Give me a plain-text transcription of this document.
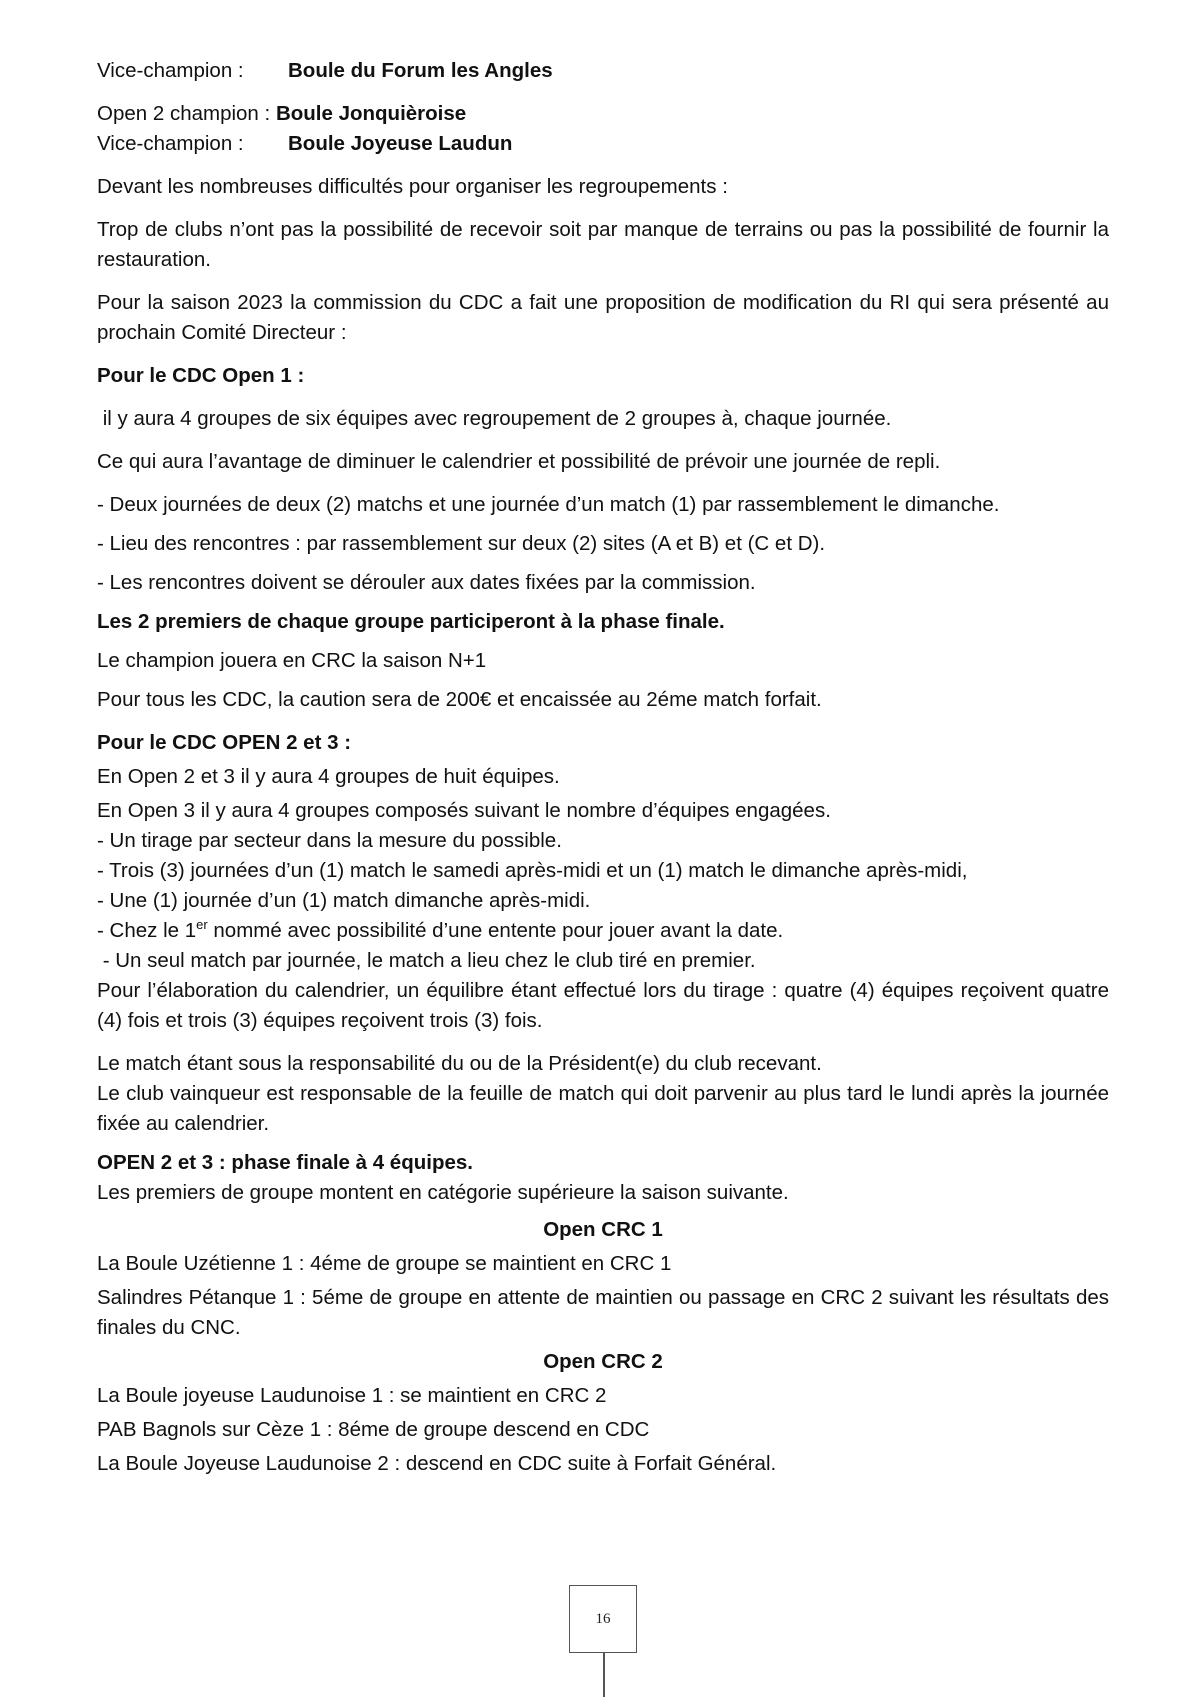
Vice-champion : Boule du Forum les Angles

Open 2 champion : Boule Jonquièroise

Vice-champion : Boule Joyeuse Laudun

Devant les nombreuses difficultés pour organiser les regroupements :

Trop de clubs n’ont pas la possibilité de recevoir soit par manque de terrains ou pas la possibilité de fournir la restauration.

Pour la saison 2023 la commission du CDC a fait une proposition de modification du RI qui sera présenté au prochain Comité Directeur :

Pour le CDC Open 1 :

il y aura 4 groupes de six équipes avec regroupement de 2 groupes à, chaque journée.

Ce qui aura l’avantage de diminuer le calendrier et possibilité de prévoir une journée de repli.

- Deux journées de deux (2) matchs et une journée d’un match (1) par rassemblement le dimanche.

- Lieu des rencontres : par rassemblement sur deux (2) sites (A et B) et (C et D).

- Les rencontres doivent se dérouler aux dates fixées par la commission.

Les 2 premiers de chaque groupe participeront à la phase finale.

Le champion jouera en CRC la saison N+1

Pour tous les CDC, la caution sera de 200€ et encaissée au 2éme match forfait.

Pour le CDC OPEN 2 et 3 :

En Open 2 et 3 il y aura 4 groupes de huit équipes.

En Open 3 il y aura 4 groupes composés suivant le nombre d’équipes engagées.

- Un tirage par secteur dans la mesure du possible.

- Trois (3) journées d’un (1) match le samedi après-midi et un (1) match le dimanche après-midi,

- Une (1) journée d’un (1) match dimanche après-midi.

- Chez le 1er nommé avec possibilité d’une entente pour jouer avant la date.

- Un seul match par journée, le match a lieu chez le club tiré en premier.

Pour l’élaboration du calendrier, un équilibre étant effectué lors du tirage : quatre (4) équipes reçoivent quatre (4) fois et trois (3) équipes reçoivent trois (3) fois.

Le match étant sous la responsabilité du ou de la Président(e) du club recevant.

Le club vainqueur est responsable de la feuille de match qui doit parvenir au plus tard le lundi après la journée fixée au calendrier.

OPEN 2 et 3 : phase finale à 4 équipes.

Les premiers de groupe montent en catégorie supérieure la saison suivante.

Open CRC 1

La Boule Uzétienne 1 : 4éme de groupe se maintient en CRC 1

Salindres Pétanque 1 : 5éme de groupe en attente de maintien ou passage en CRC 2 suivant les résultats des finales du CNC.

Open CRC 2

La Boule joyeuse Laudunoise 1 : se maintient en CRC 2

PAB Bagnols sur Cèze 1 : 8éme de groupe descend en CDC

La Boule Joyeuse Laudunoise 2 : descend en CDC suite à Forfait Général.

16
